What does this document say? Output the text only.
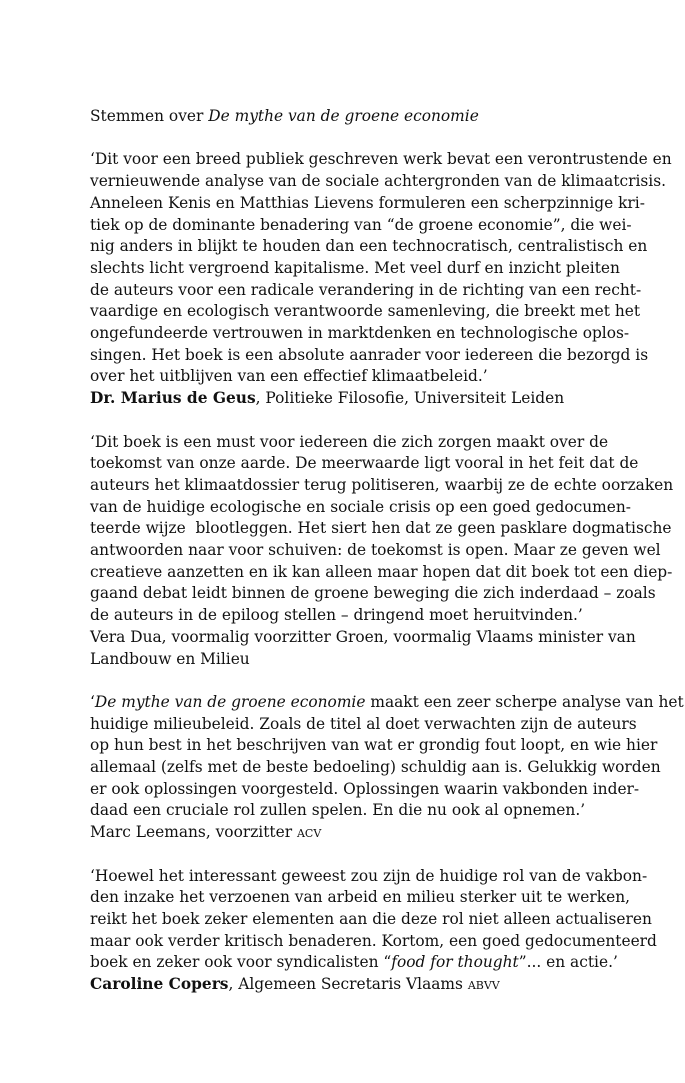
Stemmen over De mythe van de groene economie

‘Dit voor een breed publiek geschreven werk bevat een verontrustende en
vernieuwende analyse van de sociale achtergronden van de klimaatcrisis.
Anneleen Kenis en Matthias Lievens formuleren een scherpzinnige kri-
tiek op de dominante benadering van “de groene economie”, die wei-
nig anders in blijkt te houden dan een technocratisch, centralistisch en
slechts licht vergroend kapitalisme. Met veel durf en inzicht pleiten
de auteurs voor een radicale verandering in de richting van een recht-
vaardige en ecologisch verantwoorde samenleving, die breekt met het
ongefundeerde vertrouwen in marktdenken en technologische oplos-
singen. Het boek is een absolute aanrader voor iedereen die bezorgd is
over het uitblijven van een effectief klimaatbeleid.’
Dr. Marius de Geus, Politieke Filosofie, Universiteit Leiden
‘Dit boek is een must voor iedereen die zich zorgen maakt over de
toekomst van onze aarde. De meerwaarde ligt vooral in het feit dat de
auteurs het klimaatdossier terug politiseren, waarbij ze de echte oorzaken
van de huidige ecologische en sociale crisis op een goed gedocumen-
teerde wijze  blootleggen. Het siert hen dat ze geen pasklare dogmatische
antwoorden naar voor schuiven: de toekomst is open. Maar ze geven wel
creatieve aanzetten en ik kan alleen maar hopen dat dit boek tot een diep-
gaand debat leidt binnen de groene beweging die zich inderdaad – zoals
de auteurs in de epiloog stellen – dringend moet heruitvinden.’
Vera Dua, voormalig voorzitter Groen, voormalig Vlaams minister van
Landbouw en Milieu
‘De mythe van de groene economie maakt een zeer scherpe analyse van het
huidige milieubeleid. Zoals de titel al doet verwachten zijn de auteurs
op hun best in het beschrijven van wat er grondig fout loopt, en wie hier
allemaal (zelfs met de beste bedoeling) schuldig aan is. Gelukkig worden
er ook oplossingen voorgesteld. Oplossingen waarin vakbonden inder-
daad een cruciale rol zullen spelen. En die nu ook al opnemen.’
Marc Leemans, voorzitter acv
‘Hoewel het interessant geweest zou zijn de huidige rol van de vakbon-
den inzake het verzoenen van arbeid en milieu sterker uit te werken,
reikt het boek zeker elementen aan die deze rol niet alleen actualiseren
maar ook verder kritisch benaderen. Kortom, een goed gedocumenteerd
boek en zeker ook voor syndicalisten “food for thought”... en actie.’
Caroline Copers, Algemeen Secretaris Vlaams abvv
